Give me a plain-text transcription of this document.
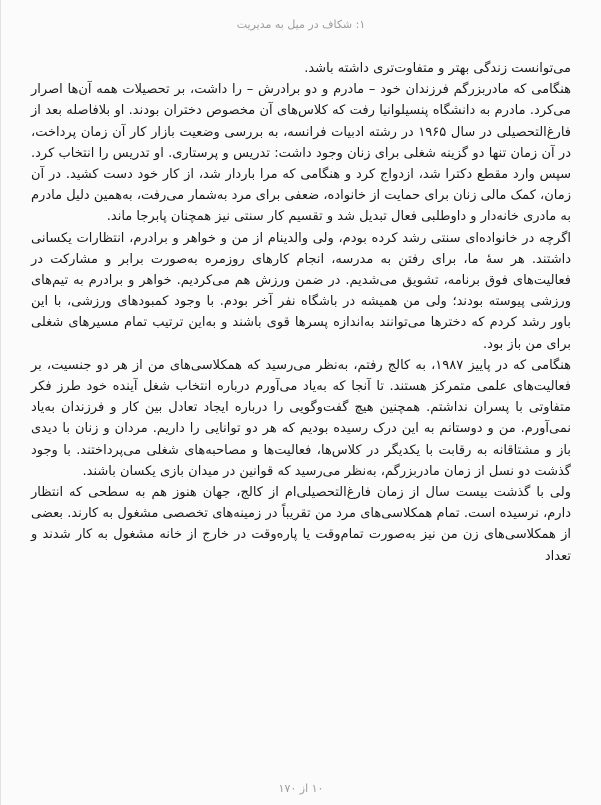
۱: شکاف در میل به مدیریت

می‌توانست زندگی بهتر و متفاوت‌تری داشته باشد.

هنگامی که مادربزرگم فرزندان خود – مادرم و دو برادرش – را داشت، بر تحصیلات همه آن‌ها اصرار می‌کرد. مادرم به دانشگاه پنسیلوانیا رفت که کلاس‌های آن مخصوص دختران بودند. او بلافاصله بعد از فارغ‌التحصیلی در سال ۱۹۶۵ در رشته ادبیات فرانسه، به بررسی وضعیت بازار کار آن زمان پرداخت، در آن زمان تنها دو گزینه شغلی برای زنان وجود داشت: تدریس و پرستاری. او تدریس را انتخاب کرد. سپس وارد مقطع دکترا شد، ازدواج کرد و هنگامی که مرا باردار شد، از کار خود دست کشید. در آن زمان، کمک مالی زنان برای حمایت از خانواده، ضعفی برای مرد به‌شمار می‌رفت، به‌همین دلیل مادرم به مادری خانه‌دار و داوطلبی فعال تبدیل شد و تقسیم کار سنتی نیز همچنان پابرجا ماند.

اگرچه در خانواده‌ای سنتی رشد کرده بودم، ولی والدینام از من و خواهر و برادرم، انتظارات یکسانی داشتند. هر سهٔ ما، برای رفتن به مدرسه، انجام کارهای روزمره به‌صورت برابر و مشارکت در فعالیت‌های فوق برنامه، تشویق می‌شدیم. در ضمن ورزش هم می‌کردیم. خواهر و برادرم به تیم‌های ورزشی پیوسته بودند؛ ولی من همیشه در باشگاه نفر آخر بودم. با وجود کمبودهای ورزشی، با این باور رشد کردم که دخترها می‌توانند به‌اندازه پسرها قوی باشند و به‌این ترتیب تمام مسیرهای شغلی برای من باز بود.

هنگامی که در پاییز ۱۹۸۷، به کالج رفتم، به‌نظر می‌رسید که همکلاسی‌های من از هر دو جنسیت، بر فعالیت‌های علمی متمرکز هستند. تا آنجا که به‌یاد می‌آورم درباره انتخاب شغل آینده خود طرز فکر متفاوتی با پسران نداشتم. همچنین هیچ گفت‌وگویی را درباره ایجاد تعادل بین کار و فرزندان به‌یاد نمی‌آورم. من و دوستانم به این درک رسیده بودیم که هر دو توانایی را داریم. مردان و زنان با دیدی باز و مشتاقانه به رقابت با یکدیگر در کلاس‌ها، فعالیت‌ها و مصاحبه‌های شغلی می‌پرداختند. با وجود گذشت دو نسل از زمان مادربزرگم، به‌نظر می‌رسید که قوانین در میدان بازی یکسان باشند.

ولی با گذشت بیست سال از زمان فارغ‌التحصیلی‌ام از کالج، جهان هنوز هم به سطحی که انتظار دارم، نرسیده است. تمام همکلاسی‌های مرد من تقریباً در زمینه‌های تخصصی مشغول به کارند. بعضی از همکلاسی‌های زن من نیز به‌صورت تمام‌وقت یا پاره‌وقت در خارج از خانه مشغول به کار شدند و تعداد

۱۰ از ۱۷۰
